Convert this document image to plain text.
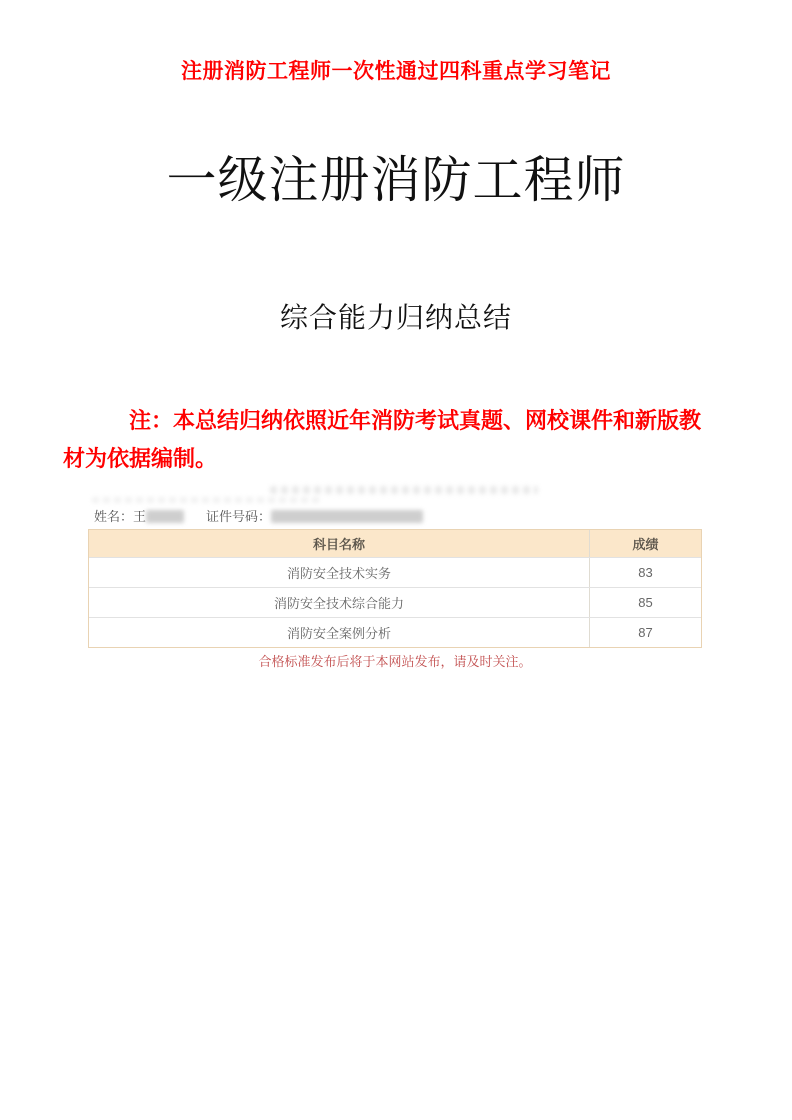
注册消防工程师一次性通过四科重点学习笔记
一级注册消防工程师
综合能力归纳总结
注：本总结归纳依照近年消防考试真题、网校课件和新版教材为依据编制。
姓名：王	证件号码：
科目名称	成绩
消防安全技术实务	83
消防安全技术综合能力	85
消防安全案例分析	87
合格标准发布后将于本网站发布，请及时关注。
